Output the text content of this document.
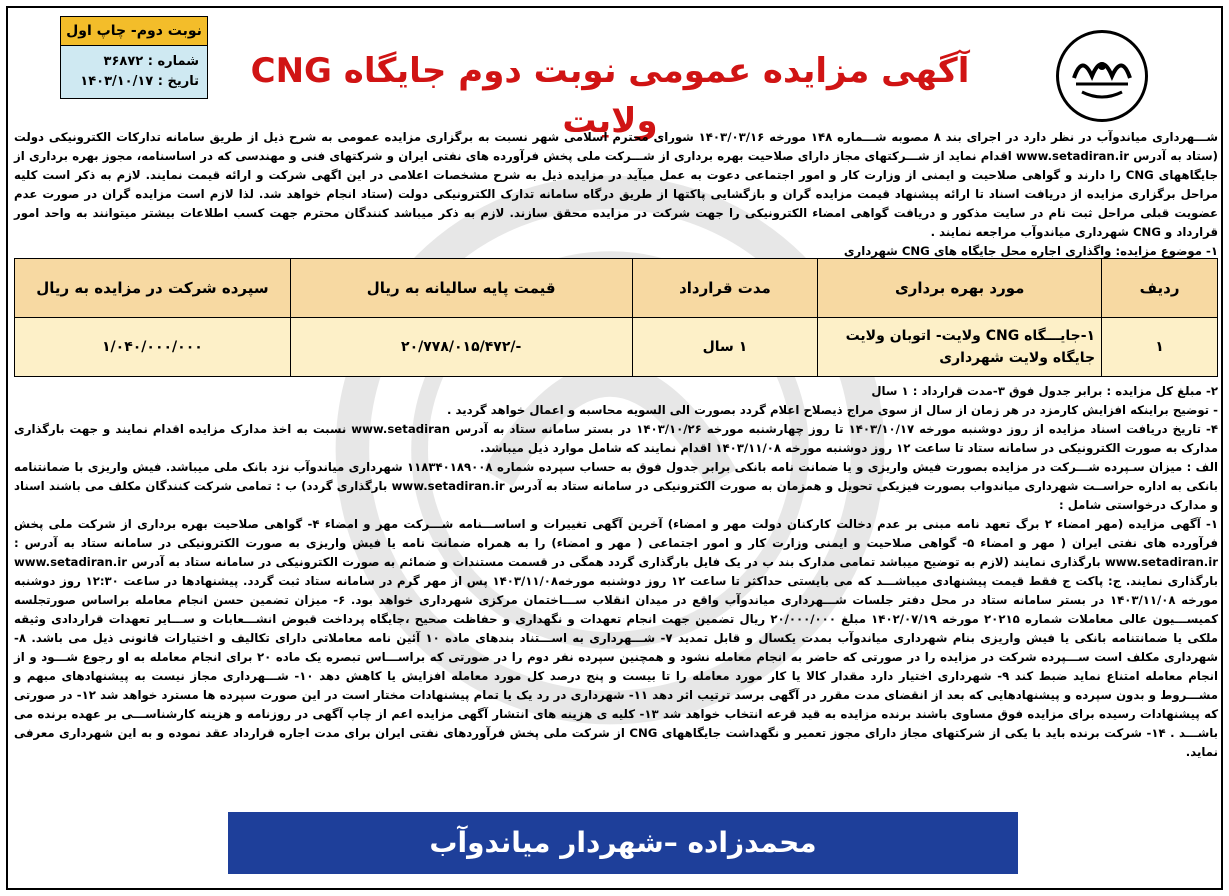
آگهی مزایده عمومی نوبت دوم جایگاه CNG ولایت
نوبت دوم- چاپ اول
شماره : ۳۶۸۷۲
تاریخ : ۱۴۰۳/۱۰/۱۷

شـــهرداری میاندوآب در نظر دارد در اجرای بند ۸ مصوبه شـــماره ۱۴۸ مورخه ۱۴۰۳/۰۳/۱۶ شورای محترم اسلامی شهر نسبت به برگزاری مزایده عمومی به شرح ذیل از طریق سامانه تدارکات الکترونیکی دولت (ستاد به آدرس www.setadiran.ir اقدام نماید از شـــرکتهای مجاز دارای صلاحیت بهره برداری از شـــرکت ملی پخش فرآورده های نفتی ایران و شرکتهای فنی و مهندسی که در اساسنامه، مجوز بهره برداری از جایگاههای CNG را دارند و گواهی صلاحیت و ایمنی از وزارت کار و امور اجتماعی دعوت به عمل میآید در مزایده ذیل به شرح مشخصات اعلامی در این اگهی شرکت و ارائه قیمت نمایند. لازم به ذکر است کلیه مراحل برگزاری مزایده از دریافت اسناد تا ارائه پیشنهاد قیمت مزایده گران و بازگشایی پاکتها از طریق درگاه سامانه تدارک الکترونیکی دولت (ستاد انجام خواهد شد. لذا لازم است مزایده گران در صورت عدم عضویت قبلی مراحل ثبت نام در سایت مذکور و دریافت گواهی امضاء الکترونیکی را جهت شرکت در مزایده محقق سازند. لازم به ذکر میباشد کنندگان محترم جهت کسب اطلاعات بیشتر میتوانند به واحد امور قرارداد و CNG شهرداری میاندوآب مراجعه نمایند .

۱- موضوع مزایده: واگذاری اجاره محل جایگاه های CNG شهرداری

ردیف	مورد بهره برداری	مدت قرارداد	قیمت پایه سالیانه به ریال	سپرده شرکت در مزایده به ریال
۱	۱-جایـــگاه CNG ولایت- اتوبان ولایت
جایگاه ولایت شهرداری	۱ سال	-/۲۰/۷۷۸/۰۱۵/۴۷۲	۱/۰۴۰/۰۰۰/۰۰۰

۲- مبلغ کل مزایده : برابر جدول فوق ۳-مدت قرارداد : ۱ سال

- توضیح براینکه افزایش کارمزد در هر زمان از سال از سوی مراج ذیصلاح اعلام گردد بصورت الی السویه محاسبه و اعمال خواهد گردید .

۴- تاریخ دریافت اسناد مزایده از روز دوشنبه مورخه ۱۴۰۳/۱۰/۱۷ تا روز چهارشنبه مورخه ۱۴۰۳/۱۰/۲۶ در بستر سامانه ستاد به آدرس www.setadiran نسبت به اخذ مدارک مزایده اقدام نمایند و جهت بارگذاری مدارک به صورت الکترونیکی در سامانه ستاد تا ساعت ۱۲ روز دوشنبه مورخه ۱۴۰۳/۱۱/۰۸ اقدام نمایند که شامل موارد ذیل میباشد.

الف : میزان سـپرده شـــرکت در مزایده بصورت فیش واریزی و یا ضمانت نامه بانکی برابر جدول فوق به حساب سپرده شماره ۱۱۸۳۴۰۱۸۹۰۰۸ شهرداری میاندوآب نزد بانک ملی میباشد. فیش واریزی با ضمانتنامه بانکی به اداره حراســت شهرداری میاندواب بصورت فیزیکی تحویل و همزمان به صورت الکترونیکی در سامانه ستاد به آدرس www.setadiran.ir بارگذاری گردد) ب : تمامی شرکت کنندگان مکلف می باشند اسناد و مدارک درخواستی شامل :

۱- آگهی مزایده (مهر امضاء ۲ برگ تعهد نامه مبنی بر عدم دخالت کارکنان دولت مهر و امضاء) آخرین آگهی تغییرات و اساســـنامه شـــرکت مهر و امضاء ۴- گواهی صلاحیت بهره برداری از شرکت ملی پخش فرآورده های نفتی ایران ( مهر و امضاء ۵- گواهی صلاحیت و ایمنی وزارت کار و امور اجتماعی ( مهر و امضاء) را به همراه ضمانت نامه یا فیش واریزی به صورت الکترونیکی در سامانه ستاد به آدرس : www.setadiran.ir بارگذاری نمایند (لازم به توضیح میباشد تمامی مدارک بند ب در یک فایل بارگذاری گردد همگی در قسمت مستندات و ضمائم به صورت الکترونیکی در سامانه ستاد به آدرس www.setadiran.ir بارگذاری نمایند. ج: پاکت ج فقط قیمت پیشنهادی میباشـــد که می بایستی حداکثر تا ساعت ۱۲ روز دوشنبه مورخه۱۴۰۳/۱۱/۰۸ پس از مهر گرم در سامانه ستاد ثبت گردد. پیشنهادها در ساعت ۱۲:۳۰ روز دوشنبه مورخه ۱۴۰۳/۱۱/۰۸ در بستر سامانه ستاد در محل دفتر جلسات شـــهرداری میاندوآب واقع در میدان انقلاب ســـاختمان مرکزی شهرداری خواهد بود. ۶- میزان تضمین حسن انجام معامله براساس صورتجلسه کمیســـیون عالی معاملات شماره ۲۰۲۱۵ مورخه ۱۴۰۲/۰۷/۱۹ مبلغ ۲۰/۰۰۰/۰۰۰ ریال تضمین جهت انجام تعهدات و نگهداری و حفاظت صحیح ،جایگاه پرداخت قبوض انشـــعابات و ســـایر تعهدات قراردادی وثیقه ملکی یا ضمانتنامه بانکی یا فیش واریزی بنام شهرداری میاندوآب بمدت یکسال و قابل تمدید ۷- شـــهرداری به اســـتناد بندهای ماده ۱۰ آئین نامه معاملاتی دارای تکالیف و اختیارات قانونی ذیل می باشد. ۸- شهرداری مکلف است ســـپرده شرکت در مزایده را در صورتی که حاضر به انجام معامله نشود و همچنین سپرده نفر دوم را در صورتی که براســـاس تبصره یک ماده ۲۰ برای انجام معامله به او رجوع شـــود و از انجام معامله امتناع نماید ضبط کند ۹- شهرداری اختیار دارد مقدار کالا یا کار مورد معامله را تا بیست و پنج درصد کل مورد معامله افزایش یا کاهش دهد ۱۰- شـــهرداری مجاز نیست به پیشنهادهای مبهم و مشـــروط و بدون سپرده و پیشنهادهایی که بعد از انقضای مدت مقرر در آگهی برسد ترتیب اثر دهد ۱۱- شهرداری در رد یک یا تمام پیشنهادات مختار است در این صورت سپرده ها مسترد خواهد شد ۱۲- در صورتی که پیشنهادات رسیده برای مزایده فوق مساوی باشند برنده مزایده به قید قرعه انتخاب خواهد شد ۱۳- کلیه ی هزینه های انتشار آگهی مزایده اعم از چاپ آگهی در روزنامه و هزینه کارشناســـی بر عهده برنده می باشـــد . ۱۴- شرکت برنده باید با یکی از شرکتهای مجاز دارای مجوز تعمیر و نگهداشت جایگاههای CNG از شرکت ملی پخش فرآوردهای نفتی ایران برای مدت اجاره قرارداد عقد نموده و به این شهرداری معرفی نماید.

محمدزاده –شهردار میاندوآب
